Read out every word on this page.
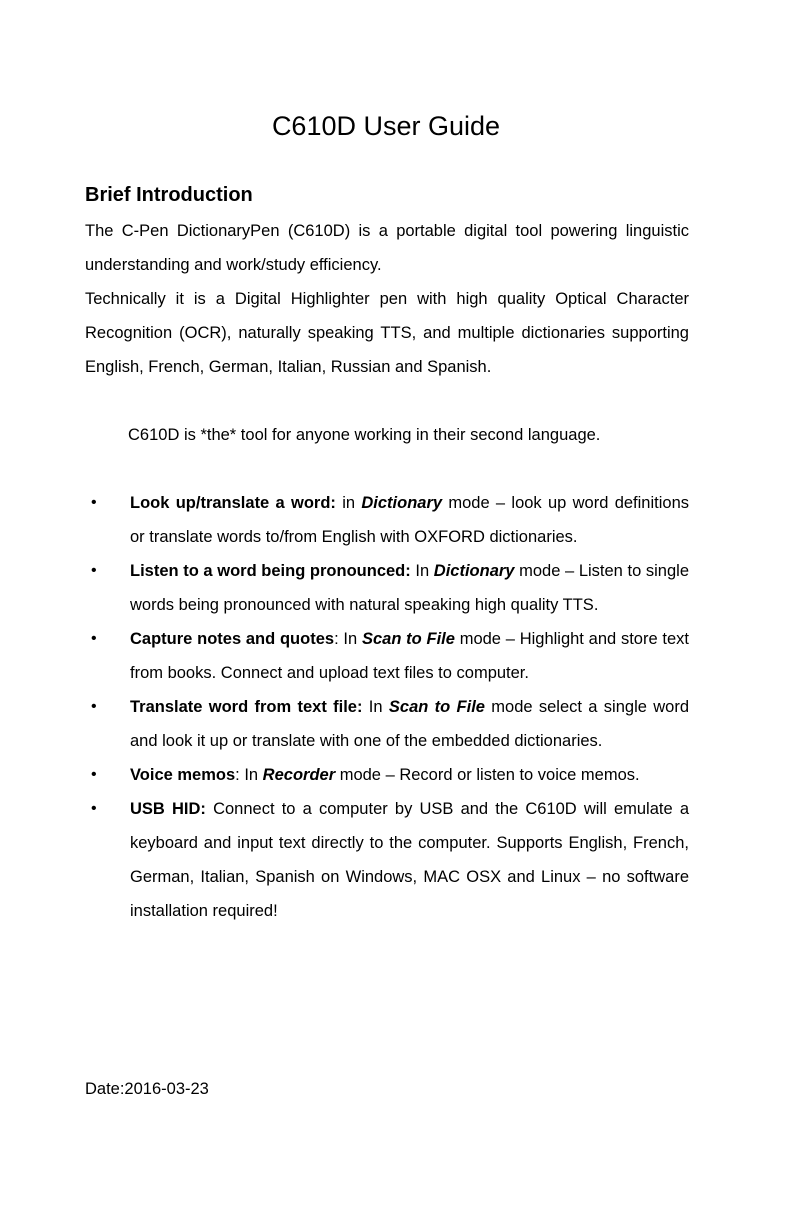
C610D User Guide
Brief Introduction

The C-Pen DictionaryPen (C610D) is a portable digital tool powering linguistic understanding and work/study efficiency.

Technically it is a Digital Highlighter pen with high quality Optical Character Recognition (OCR), naturally speaking TTS, and multiple dictionaries supporting English, French, German, Italian, Russian and Spanish.

C610D is *the* tool for anyone working in their second language.

• Look up/translate a word: in Dictionary mode – look up word definitions or translate words to/from English with OXFORD dictionaries.
• Listen to a word being pronounced: In Dictionary mode – Listen to single words being pronounced with natural speaking high quality TTS.
• Capture notes and quotes: In Scan to File mode – Highlight and store text from books. Connect and upload text files to computer.
• Translate word from text file: In Scan to File mode select a single word and look it up or translate with one of the embedded dictionaries.
• Voice memos: In Recorder mode – Record or listen to voice memos.
• USB HID: Connect to a computer by USB and the C610D will emulate a keyboard and input text directly to the computer. Supports English, French, German, Italian, Spanish on Windows, MAC OSX and Linux – no software installation required!

Date:2016-03-23
